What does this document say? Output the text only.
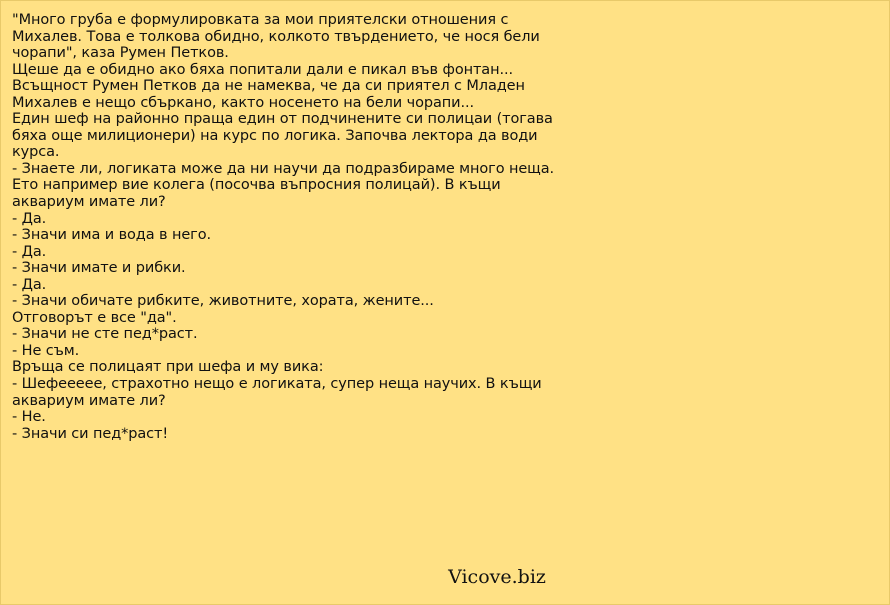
"Много груба е формулировката за мои приятелски отношения с
Михалев. Това е толкова обидно, колкото твърдението, че нося бели
чорапи", каза Румен Петков.
Щеше да е обидно ако бяха попитали дали е пикал във фонтан...
Всъщност Румен Петков да не намеква, че да си приятел с Младен
Михалев е нещо сбъркано, както носенето на бели чорапи...
Един шеф на районно праща един от подчинените си полицаи (тогава
бяха още милиционери) на курс по логика. Започва лектора да води
курса.
- Знаете ли, логиката може да ни научи да подразбираме много неща.
Ето например вие колега (посочва въпросния полицай). В къщи
аквариум имате ли?
- Да.
- Значи има и вода в него.
- Да.
- Значи имате и рибки.
- Да.
- Значи обичате рибките, животните, хората, жените...
Отговорът е все "да".
- Значи не сте пед*раст.
- Не съм.
Връща се полицаят при шефа и му вика:
- Шефеееее, страхотно нещо е логиката, супер неща научих. В къщи
аквариум имате ли?
- Не.
- Значи си пед*раст!
Vicove.biz
